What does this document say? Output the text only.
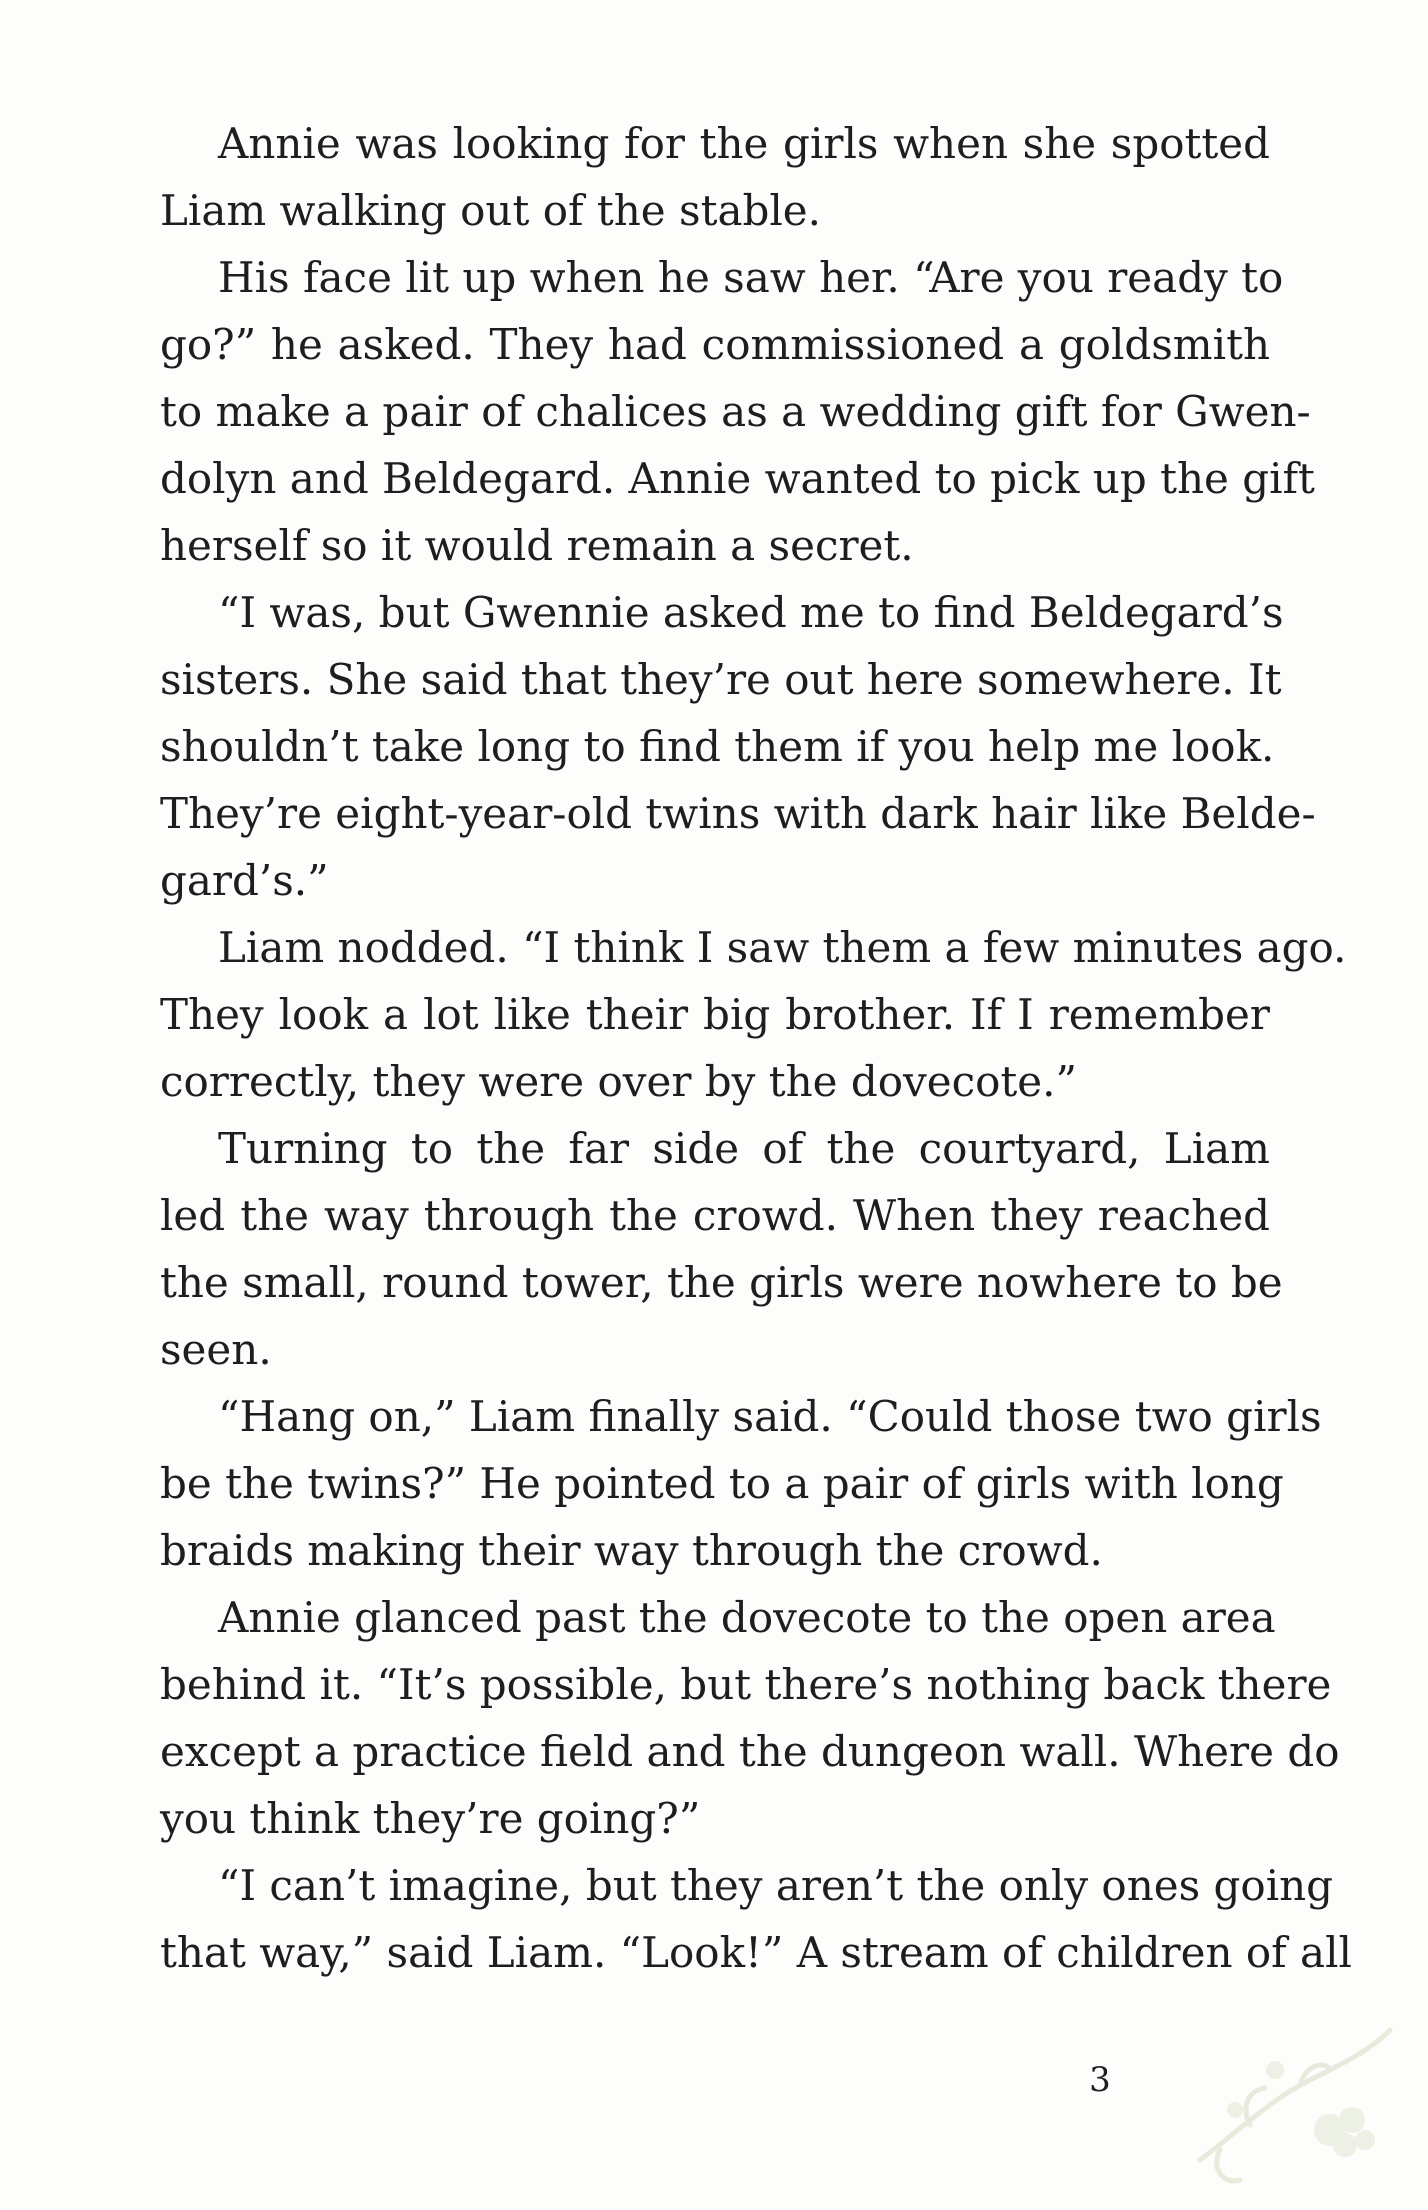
Annie was looking for the girls when she spotted
Liam walking out of the stable.
His face lit up when he saw her. “Are you ready to
go?” he asked. They had commissioned a goldsmith
to make a pair of chalices as a wedding gift for Gwen-
dolyn and Beldegard. Annie wanted to pick up the gift
herself so it would remain a secret.
“I was, but Gwennie asked me to find Beldegard’s
sisters. She said that they’re out here somewhere. It
shouldn’t take long to find them if you help me look.
They’re eight-year-old twins with dark hair like Belde-
gard’s.”
Liam nodded. “I think I saw them a few minutes ago.
They look a lot like their big brother. If I remember
correctly, they were over by the dovecote.”
Turning to the far side of the courtyard, Liam
led the way through the crowd. When they reached
the small, round tower, the girls were nowhere to be
seen.
“Hang on,” Liam finally said. “Could those two girls
be the twins?” He pointed to a pair of girls with long
braids making their way through the crowd.
Annie glanced past the dovecote to the open area
behind it. “It’s possible, but there’s nothing back there
except a practice field and the dungeon wall. Where do
you think they’re going?”
“I can’t imagine, but they aren’t the only ones going
that way,” said Liam. “Look!” A stream of children of all
3
